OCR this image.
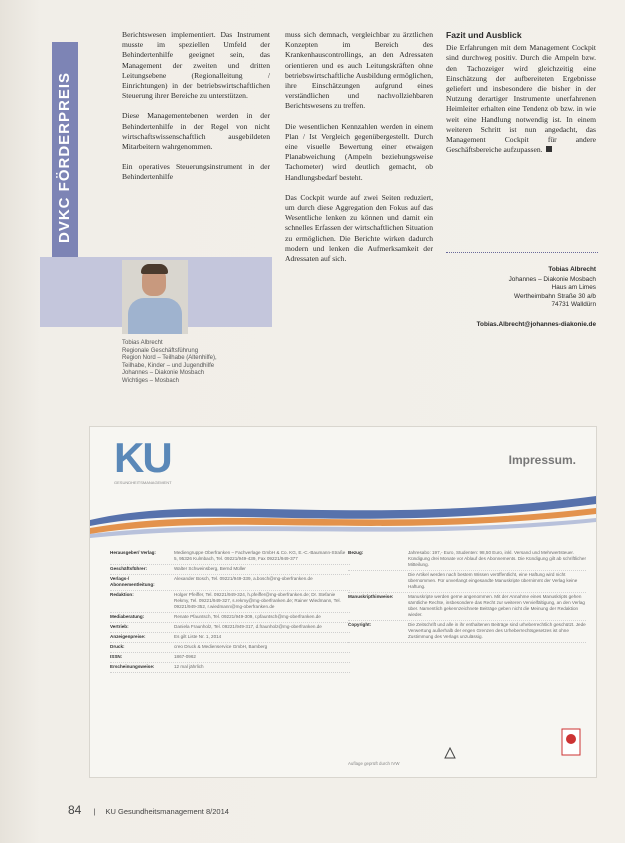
DVKC FÖRDERPREIS

Berichtswesen implementiert. Das Instrument musste im speziellen Umfeld der Behindertenhilfe geeignet sein, das Management der zweiten und dritten Leitungsebene (Regionalleitung / Einrichtungen) in der betriebswirtschaftlichen Steuerung ihrer Bereiche zu unterstützen.

Diese Managementebenen werden in der Behindertenhilfe in der Regel von nicht wirtschaftswissenschaftlich ausgebildeten Mitarbeitern wahrgenommen.

Ein operatives Steuerungsinstrument in der Behindertenhilfe

muss sich demnach, vergleichbar zu ärztlichen Konzepten im Bereich des Krankenhauscontrollings, an den Adressaten orientieren und es auch Leitungskräften ohne betriebswirtschaftliche Ausbildung ermöglichen, ihre Einschätzungen aufgrund eines verständlichen und nachvollziehbaren Berichtswesens zu treffen.

Die wesentlichen Kennzahlen werden in einem Plan / Ist Vergleich gegenübergestellt. Durch eine visuelle Bewertung einer etwaigen Planabweichung (Ampeln beziehungsweise Tachometer) wird deutlich gemacht, ob Handlungsbedarf besteht.

Das Cockpit wurde auf zwei Seiten reduziert, um durch diese Aggregation den Fokus auf das Wesentliche lenken zu können und damit ein schnelles Erfassen der wirtschaftlichen Situation zu ermöglichen. Die Berichte wirken dadurch modern und lenken die Aufmerksamkeit der Adressaten auf sich.

Fazit und Ausblick

Die Erfahrungen mit dem Management Cockpit sind durchweg positiv. Durch die Ampeln bzw. den Tachozeiger wird gleichzeitig eine Einschätzung der aufbereiteten Ergebnisse geliefert und insbesondere die bisher in der Nutzung derartiger Instrumente unerfahrenen Heimleiter erhalten eine Tendenz ob bzw. in wie weit eine Handlung notwendig ist. In einem weiteren Schritt ist nun angedacht, das Management Cockpit für andere Geschäftsbereiche aufzupassen.

Tobias Albrecht
Regionale Geschäftsführung
Region Nord – Teilhabe (Altenhilfe),
Teilhabe, Kinder – und Jugendhilfe
Johannes – Diakonie Mosbach
Wichtiges – Mosbach
Tobias Albrecht
Johannes – Diakonie Mosbach
Haus am Limes
Wertheimbahn Straße 30 a/b
74731 Walldürn
Tobias.Albrecht@johannes-diakonie.de
KU
GESUNDHEITSMANAGEMENT
Impressum.
Herausgeber/ Verlag:	Mediengruppe Oberfranken – Fachverlage GmbH & Co. KG, E.-C.-Baumann-Straße 5, 95326 Kulmbach, Tel. 09221/949-439, Fax 09221/949-377
Geschäftsführer:	Walter Schweinsberg, Bernd Müller
Verlags-/ Abonnementleitung:
Alexander Bosch, Tel. 09221/949-339, a.bosch@mg-oberfranken.de
Redaktion:	Holger Pfeiffer, Tel. 09221/949-324, h.pfeiffer@mg-oberfranken.de; Dr. Stefanie Rekmy, Tel. 09221/949-327, s.rekmy@mg-oberfranken.de; Rainer Wiedmann, Tel. 09221/949-352, r.wiedmann@mg-oberfranken.de
Mediaberatung:	Renate Pfauntsch, Tel. 09221/949-309, r.pfauntsch@mg-oberfranken.de
Vertrieb:	Daniela Fraunholz, Tel. 09221/949-317, d.fraunholz@mg-oberfranken.de
Anzeigenpreise:	Es gilt Liste Nr. 1, 2014
Druck:	creo Druck & Medienservice GmbH, Bamberg
ISSN:	1867-0962
Erscheinungsweise:	12 mal jährlich
Bezug:	Jahresabo: 197,- Euro, Studenten: 98,50 Euro, inkl. Versand und Mehrwertsteuer. Kündigung drei Monate vor Ablauf des Abonnements. Die Kündigung gilt ab schriftlicher Mitteilung.
Die Artikel werden nach bestem Wissen veröffentlicht, eine Haftung wird nicht übernommen. Für unverlangt eingesandte Manuskripte übernimmt der Verlag keine Haftung.
Manuskripthinweise:	Manuskripte werden gerne angenommen. Mit der Annahme eines Manuskripts gehen sämtliche Rechte, insbesondere das Recht zur weiteren Vervielfältigung, an den Verlag über. Namentlich gekennzeichnete Beiträge geben nicht die Meinung der Redaktion wieder.
Copyright:	Die Zeitschrift und alle in ihr enthaltenen Beiträge sind urheberrechtlich geschützt. Jede Verwertung außerhalb der engen Grenzen des Urheberrechtsgesetzes ist ohne Zustimmung des Verlags unzulässig.
Auflage geprüft durch IVW
84 | KU Gesundheitsmanagement 8/2014
